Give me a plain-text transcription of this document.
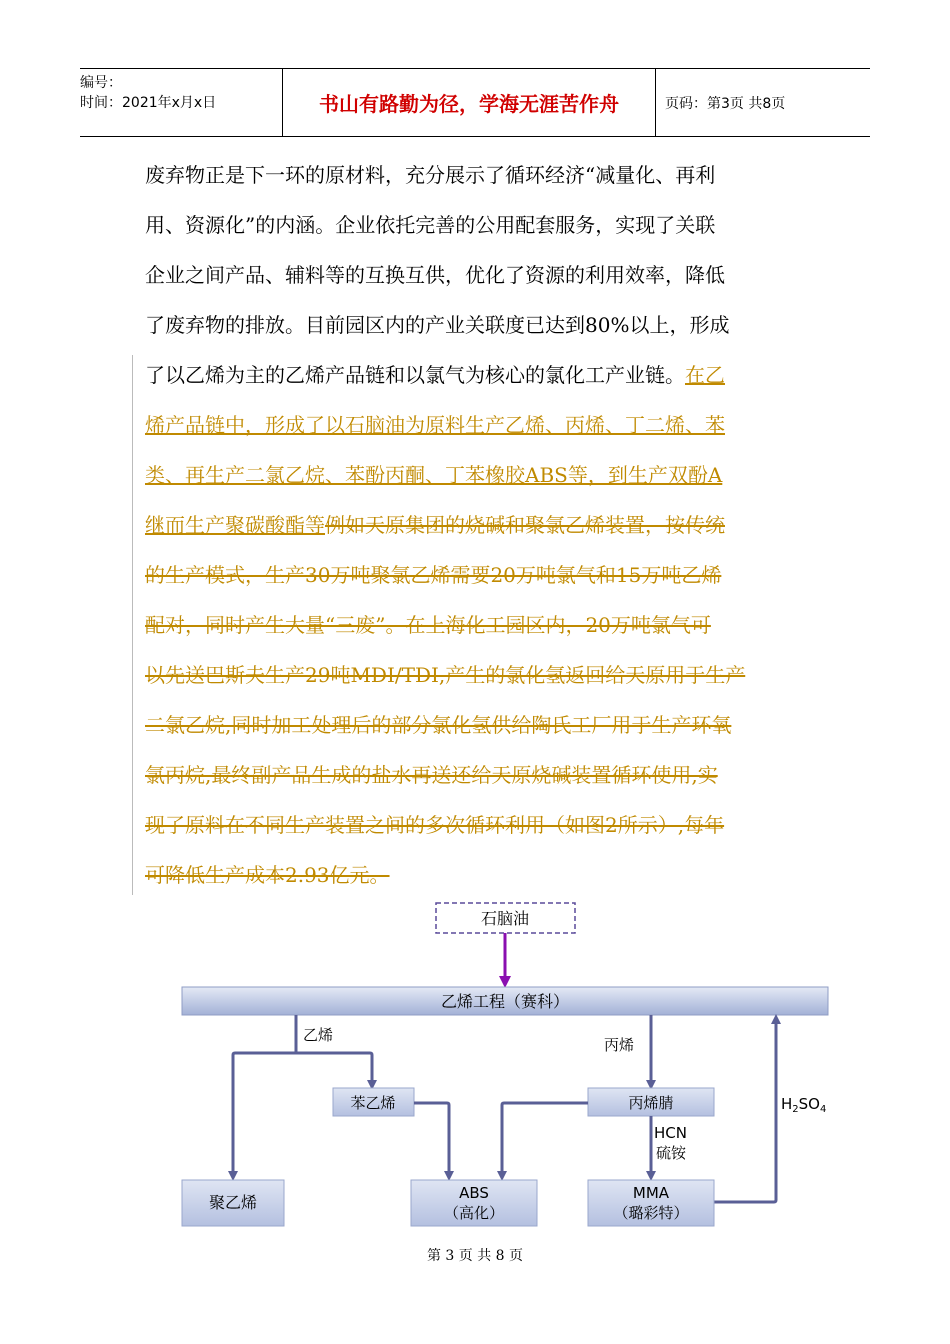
编号：
时间：2021年x月x日	书山有路勤为径，学海无涯苦作舟	页码：第3页 共8页
废弃物正是下一环的原材料，充分展示了循环经济“减量化、再利
用、资源化”的内涵。企业依托完善的公用配套服务，实现了关联
企业之间产品、辅料等的互换互供，优化了资源的利用效率，降低
了废弃物的排放。目前园区内的产业关联度已达到80%以上，形成
了以乙烯为主的乙烯产品链和以氯气为核心的氯化工产业链。在乙
烯产品链中，形成了以石脑油为原料生产乙烯、丙烯、丁二烯、苯
类、再生产二氯乙烷、苯酚丙酮、丁苯橡胶ABS等，到生产双酚A
继而生产聚碳酸酯等例如天原集团的烧碱和聚氯乙烯装置，按传统
的生产模式，生产30万吨聚氯乙烯需要20万吨氯气和15万吨乙烯
配对，同时产生大量“三废”。在上海化工园区内，20万吨氯气可
以先送巴斯夫生产29吨MDI/TDI,产生的氯化氢返回给天原用于生产
二氯乙烷,同时加工处理后的部分氯化氢供给陶氏工厂用于生产环氧
氯丙烷,最终副产品生成的盐水再送还给天原烧碱装置循环使用,实
现了原料在不同生产装置之间的多次循环利用（如图2所示）,每年
可降低生产成本2.93亿元。
石脑油
乙烯工程（赛科）
乙烯
苯乙烯
丙烯
丙烯腈
HCN
硫铵
$H_2SO_4$
聚乙烯	ABS
（高化）
MMA
（璐彩特）
第 3 页 共 8 页
